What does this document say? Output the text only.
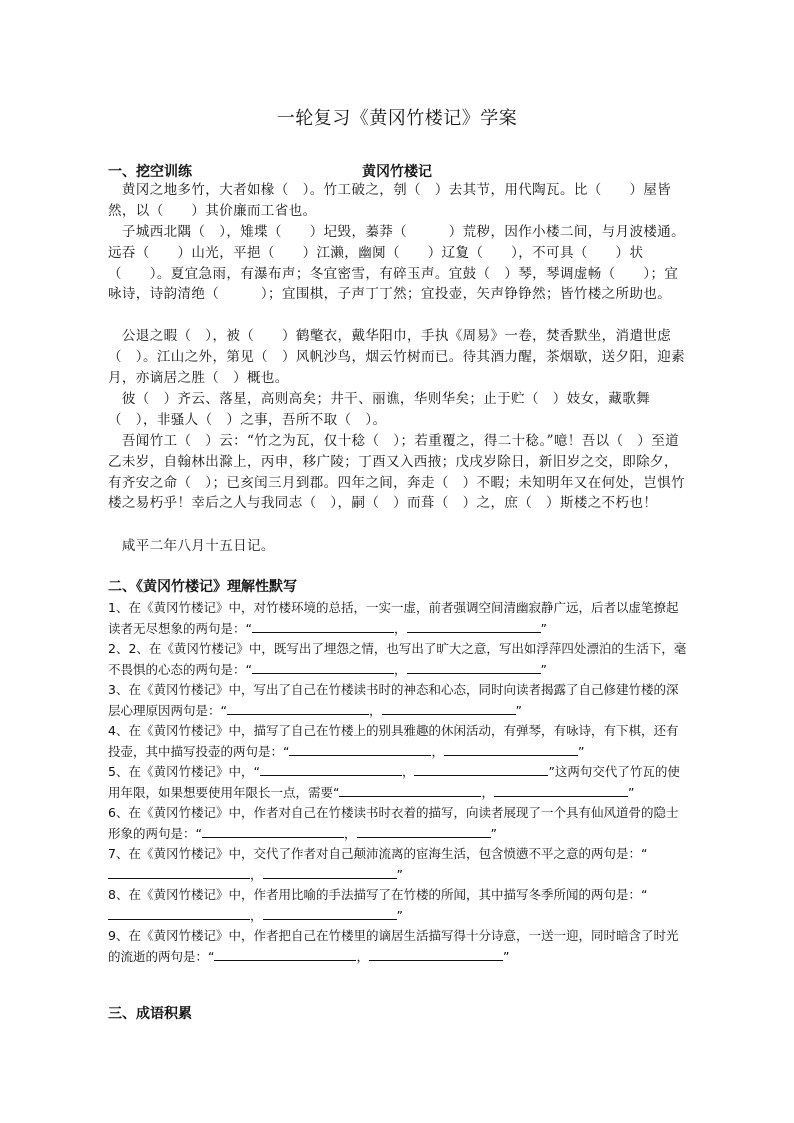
一轮复习《黄冈竹楼记》学案
一、挖空训练	黄冈竹楼记

　黄冈之地多竹，大者如椽（　）。竹工破之，刳（　）去其节，用代陶瓦。比（　　）屋皆然，以（　　）其价廉而工省也。

　子城西北隅（　），雉堞（　　）圮毁，蓁莽（　　　）荒秽，因作小楼二间，与月波楼通。远吞（　　）山光，平挹（　　）江濑，幽阒（　　）辽夐（　　），不可具（　　）状（　　）。夏宜急雨，有瀑布声；冬宜密雪，有碎玉声。宜鼓（　）琴，琴调虚畅（　　）；宜咏诗，诗韵清绝（　　　）；宜围棋，子声丁丁然；宜投壶，矢声铮铮然；皆竹楼之所助也。

　公退之暇（　），被（　　）鹤氅衣，戴华阳巾，手执《周易》一卷，焚香默坐，消遣世虑（　）。江山之外，第见（　）风帆沙鸟，烟云竹树而已。待其酒力醒，茶烟歇，送夕阳，迎素月，亦谪居之胜（　）概也。

　彼（　）齐云、落星，高则高矣；井干、丽谯，华则华矣；止于贮（　）妓女，藏歌舞（　），非骚人（　）之事，吾所不取（　）。

　吾闻竹工（　）云：“竹之为瓦，仅十稔（　）；若重覆之，得二十稔。”噫！吾以（　）至道乙未岁，自翰林出滁上，丙申，移广陵；丁酉又入西掖；戊戌岁除日，新旧岁之交，即除夕，有齐安之命（　）；已亥闰三月到郡。四年之间，奔走（　）不暇；未知明年又在何处，岂惧竹楼之易朽乎！幸后之人与我同志（　），嗣（　）而葺（　）之，庶（　）斯楼之不朽也！

　咸平二年八月十五日记。

二、《黄冈竹楼记》理解性默写
1、在《黄冈竹楼记》中，对竹楼环境的总括，一实一虚，前者强调空间清幽寂静广远，后者以虚笔撩起读者无尽想象的两句是：“	，	”
2、2、在《黄冈竹楼记》中，既写出了埋怨之情，也写出了旷大之意，写出如浮萍四处漂泊的生活下，毫不畏惧的心态的两句是：“	，	”
3、在《黄冈竹楼记》中，写出了自己在竹楼读书时的神态和心态，同时向读者揭露了自己修建竹楼的深层心理原因两句是：“	，	”
4、在《黄冈竹楼记》中，描写了自己在竹楼上的别具雅趣的休闲活动，有弹琴，有咏诗，有下棋，还有投壶，其中描写投壶的两句是：“	，	”
5、在《黄冈竹楼记》中，“	，	”这两句交代了竹瓦的使用年限，如果想要使用年限长一点，需要“	，	”
6、在《黄冈竹楼记》中，作者对自己在竹楼读书时衣着的描写，向读者展现了一个具有仙风道骨的隐士形象的两句是：“	，	”
7、在《黄冈竹楼记》中，交代了作者对自己颠沛流离的宦海生活，包含愤懑不平之意的两句是：“，	”
8、在《黄冈竹楼记》中，作者用比喻的手法描写了在竹楼的所闻，其中描写冬季所闻的两句是：“，	”
9、在《黄冈竹楼记》中，作者把自己在竹楼里的谪居生活描写得十分诗意，一送一迎，同时暗含了时光的流逝的两句是：“	，	”
三、成语积累
